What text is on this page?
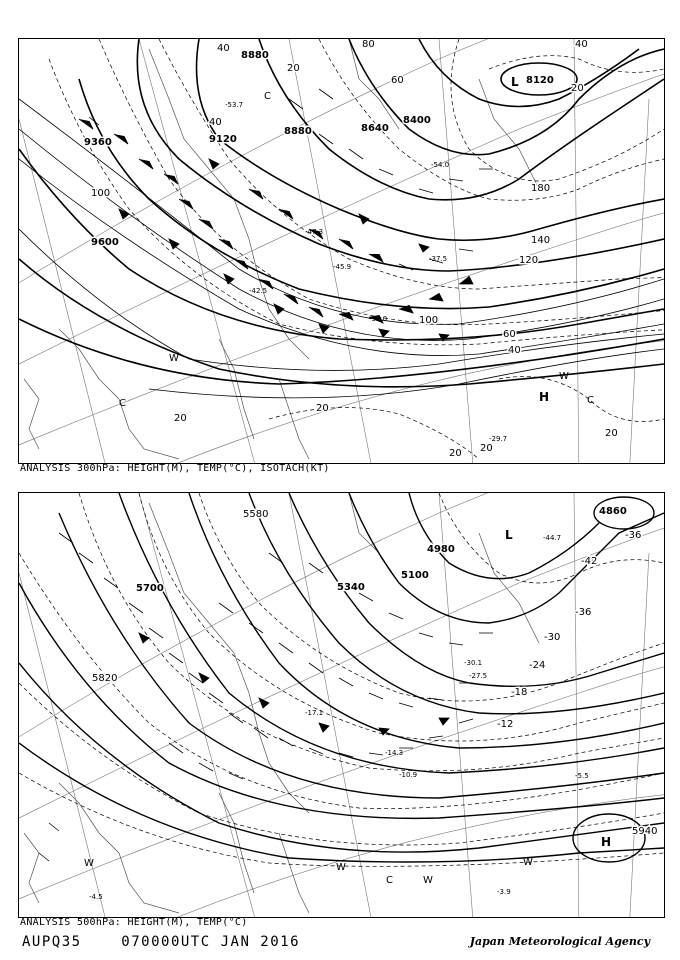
40
20
40
60
80
100
120
140
180
40
60
100
20
20
20 20
20
40
20
8880
9360	9120
8880	8640
8400
9600
8120
-53.7
-54.0
-47.3
-45.9
-42.5
-37.5
-33.0
-29.7
L
H
C
C	C
W
W
ANALYSIS 300hPa: HEIGHT(M), TEMP(°C), ISOTACH(KT)
-36
-42
-36
-30
-24
-18
-12
4860
4980
5100
5340
5700
5820
5940
5580
-44.7
-30.1
-27.5
-17.1
-14.3
-10.9	-5.5
-3.9
-4.5
L
H
W	W
C	W
W
ANALYSIS 500hPa: HEIGHT(M), TEMP(°C)
AUPQ35	070000UTC JAN 2016	Japan Meteorological Agency
